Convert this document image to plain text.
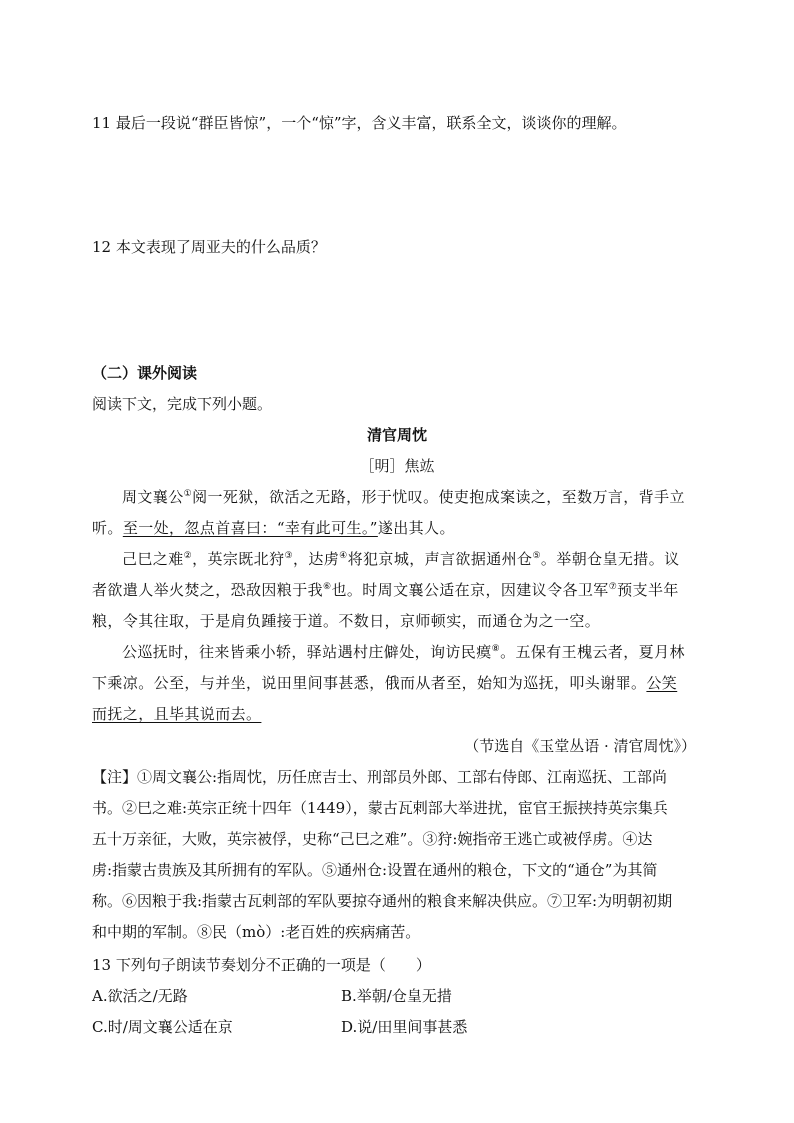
11 最后一段说“群臣皆惊”，一个“惊”字，含义丰富，联系全文，谈谈你的理解。
12 本文表现了周亚夫的什么品质？
（二）课外阅读
阅读下文，完成下列小题。
清官周忱
［明］焦竑
周文襄公①阅一死狱，欲活之无路，形于忧叹。使吏抱成案读之，至数万言，背手立
听。至一处，忽点首喜曰：“幸有此可生。”遂出其人。
己巳之难②，英宗既北狩③，达虏④将犯京城，声言欲据通州仓⑤。举朝仓皇无措。议
者欲遣人举火焚之，恐敌因粮于我⑥也。时周文襄公适在京，因建议令各卫军⑦预支半年
粮，令其往取，于是肩负踵接于道。不数日，京师顿实，而通仓为之一空。
公巡抚时，往来皆乘小轿，驿站遇村庄僻处，询访民瘼⑧。五保有王槐云者，夏月林
下乘凉。公至，与并坐，说田里间事甚悉，俄而从者至，始知为巡抚，叩头谢罪。公笑
而抚之，且毕其说而去。
（节选自《玉堂丛语 · 清官周忱》）
【注】①周文襄公:指周忱，历任庶吉士、刑部员外郎、工部右侍郎、江南巡抚、工部尚
书。②巳之难:英宗正统十四年（1449），蒙古瓦剌部大举进扰，宦官王振挟持英宗集兵
五十万亲征，大败，英宗被俘，史称“己巳之难”。③狩:婉指帝王逃亡或被俘虏。④达
虏:指蒙古贵族及其所拥有的军队。⑤通州仓:设置在通州的粮仓，下文的“通仓”为其简
称。⑥因粮于我:指蒙古瓦剌部的军队要掠夺通州的粮食来解决供应。⑦卫军:为明朝初期
和中期的军制。⑧民（mò）:老百姓的疾病痛苦。
13 下列句子朗读节奏划分不正确的一项是（　　）
A.欲活之/无路	B.举朝/仓皇无措
C.时/周文襄公适在京	D.说/田里间事甚悉
